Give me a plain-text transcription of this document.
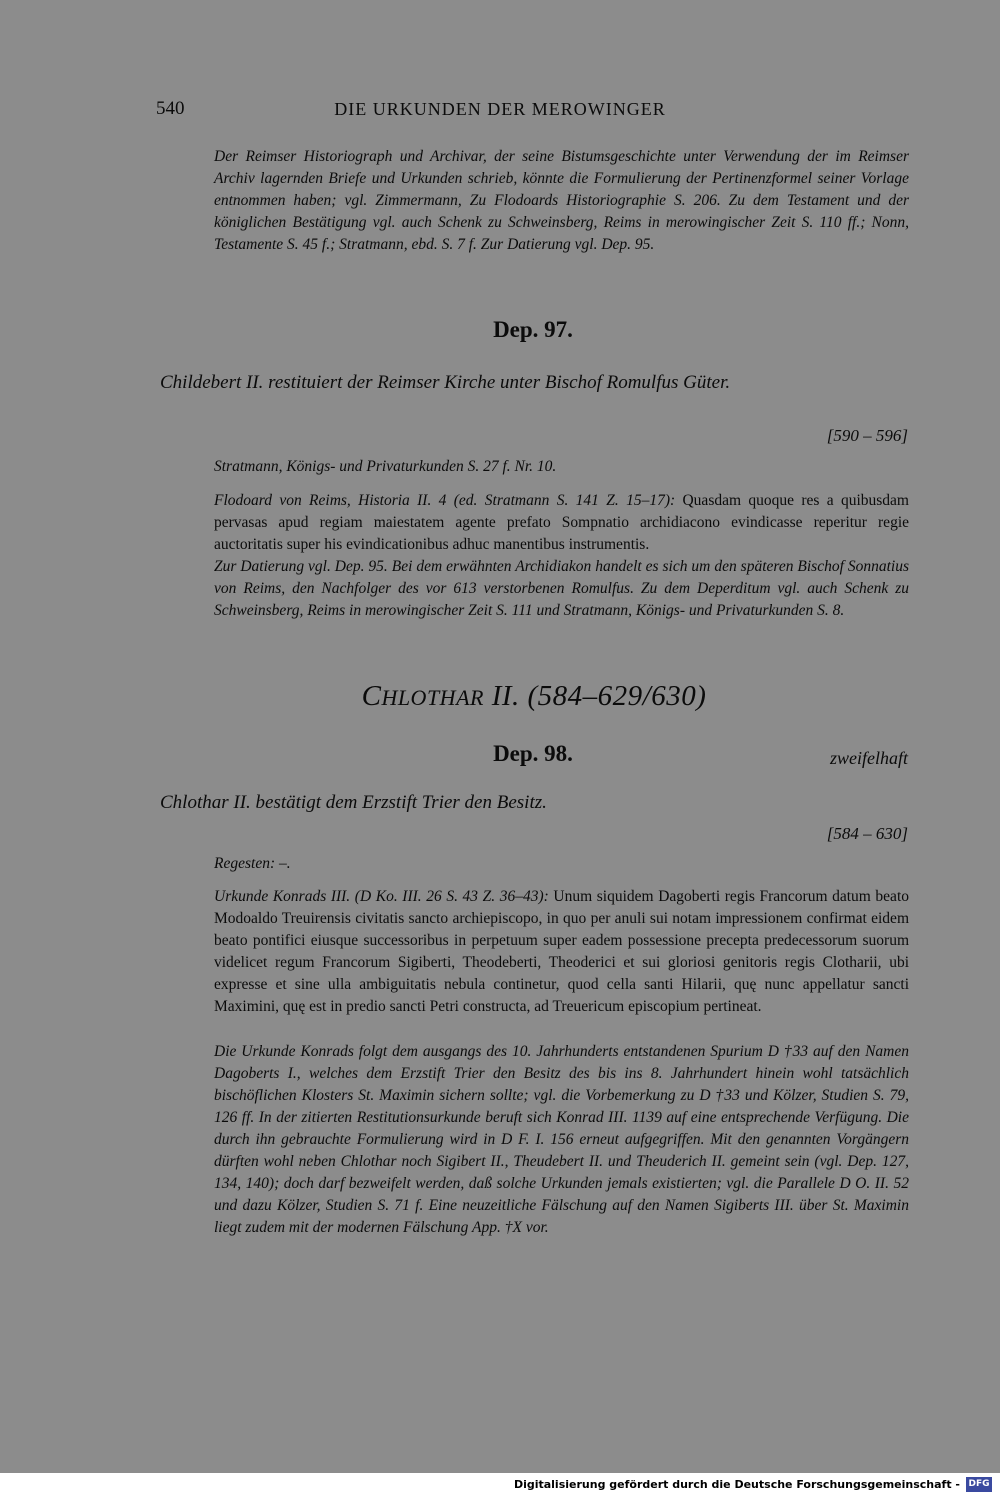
540	DIE URKUNDEN DER MEROWINGER
Der Reimser Historiograph und Archivar, der seine Bistumsgeschichte unter Verwendung der im Reimser Archiv lagernden Briefe und Urkunden schrieb, könnte die Formulierung der Pertinenzformel seiner Vorlage entnommen haben; vgl. Zimmermann, Zu Flodoards Historiographie S. 206. Zu dem Testament und der königlichen Bestätigung vgl. auch Schenk zu Schweinsberg, Reims in merowingischer Zeit S. 110 ff.; Nonn, Testamente S. 45 f.; Stratmann, ebd. S. 7 f. Zur Datierung vgl. Dep. 95.
Dep. 97.
Childebert II. restituiert der Reimser Kirche unter Bischof Romulfus Güter.
[590 – 596]
Stratmann, Königs- und Privaturkunden S. 27 f. Nr. 10.
Flodoard von Reims, Historia II. 4 (ed. Stratmann S. 141 Z. 15–17): Quasdam quoque res a quibusdam pervasas apud regiam maiestatem agente prefato Sompnatio archidiacono evindicasse reperitur regie auctoritatis super his evindicationibus adhuc manentibus instrumentis.
Zur Datierung vgl. Dep. 95. Bei dem erwähnten Archidiakon handelt es sich um den späteren Bischof Sonnatius von Reims, den Nachfolger des vor 613 verstorbenen Romulfus. Zu dem Deperditum vgl. auch Schenk zu Schweinsberg, Reims in merowingischer Zeit S. 111 und Stratmann, Königs- und Privaturkunden S. 8.
CHLOTHAR II. (584–629/630)
Dep. 98.	zweifelhaft
Chlothar II. bestätigt dem Erzstift Trier den Besitz.
[584 – 630]
Regesten: –.
Urkunde Konrads III. (D Ko. III. 26 S. 43 Z. 36–43): Unum siquidem Dagoberti regis Francorum datum beato Modoaldo Treuirensis civitatis sancto archiepiscopo, in quo per anuli sui notam impressionem confirmat eidem beato pontifici eiusque successoribus in perpetuum super eadem possessione precepta predecessorum suorum videlicet regum Francorum Sigiberti, Theodeberti, Theoderici et sui gloriosi genitoris regis Clotharii, ubi expresse et sine ulla ambiguitatis nebula continetur, quod cella santi Hilarii, quę nunc appellatur sancti Maximini, quę est in predio sancti Petri constructa, ad Treuericum episcopium pertineat.
Die Urkunde Konrads folgt dem ausgangs des 10. Jahrhunderts entstandenen Spurium D †33 auf den Namen Dagoberts I., welches dem Erzstift Trier den Besitz des bis ins 8. Jahrhundert hinein wohl tatsächlich bischöflichen Klosters St. Maximin sichern sollte; vgl. die Vorbemerkung zu D †33 und Kölzer, Studien S. 79, 126 ff. In der zitierten Restitutionsurkunde beruft sich Konrad III. 1139 auf eine entsprechende Verfügung. Die durch ihn gebrauchte Formulierung wird in D F. I. 156 erneut aufgegriffen. Mit den genannten Vorgängern dürften wohl neben Chlothar noch Sigibert II., Theudebert II. und Theuderich II. gemeint sein (vgl. Dep. 127, 134, 140); doch darf bezweifelt werden, daß solche Urkunden jemals existierten; vgl. die Parallele D O. II. 52 und dazu Kölzer, Studien S. 71 f. Eine neuzeitliche Fälschung auf den Namen Sigiberts III. über St. Maximin liegt zudem mit der modernen Fälschung App. †X vor.
Digitalisierung gefördert durch die Deutsche Forschungsgemeinschaft - DFG
